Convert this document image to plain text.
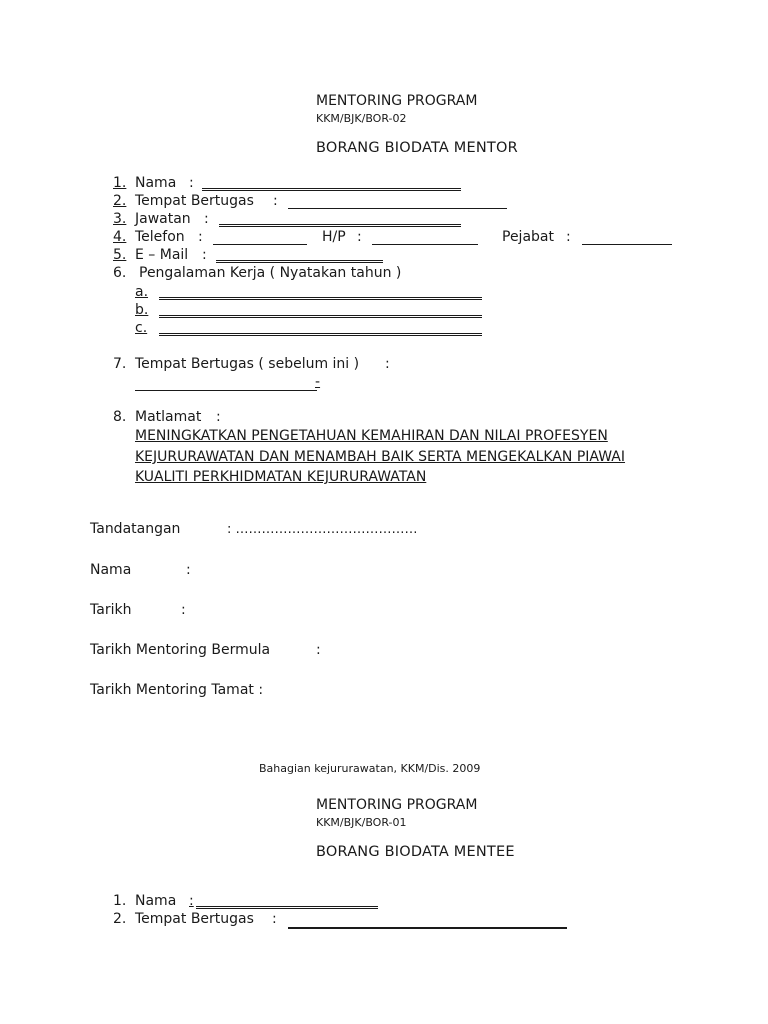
MENTORING PROGRAM
KKM/BJK/BOR-02
BORANG BIODATA MENTOR
1. Nama :
2. Tempat Bertugas :
3. Jawatan :
4. Telefon :	H/P :	Pejabat :
5. E – Mail :
6. Pengalaman Kerja ( Nyatakan tahun )
a.
b.
c.
7. Tempat Bertugas ( sebelum ini ) :
-
8. Matlamat :
MENINGKATKAN PENGETAHUAN KEMAHIRAN DAN NILAI PROFESYEN
KEJURURAWATAN DAN MENAMBAH BAIK SERTA MENGEKALKAN PIAWAI
KUALITI PERKHIDMATAN KEJURURAWATAN
Tandatangan	: ……………………………………
Nama	:
Tarikh	:
Tarikh Mentoring Bermula	:
Tarikh Mentoring Tamat :
Bahagian kejururawatan, KKM/Dis. 2009
MENTORING PROGRAM
KKM/BJK/BOR-01
BORANG BIODATA MENTEE
1. Nama :
2. Tempat Bertugas :
